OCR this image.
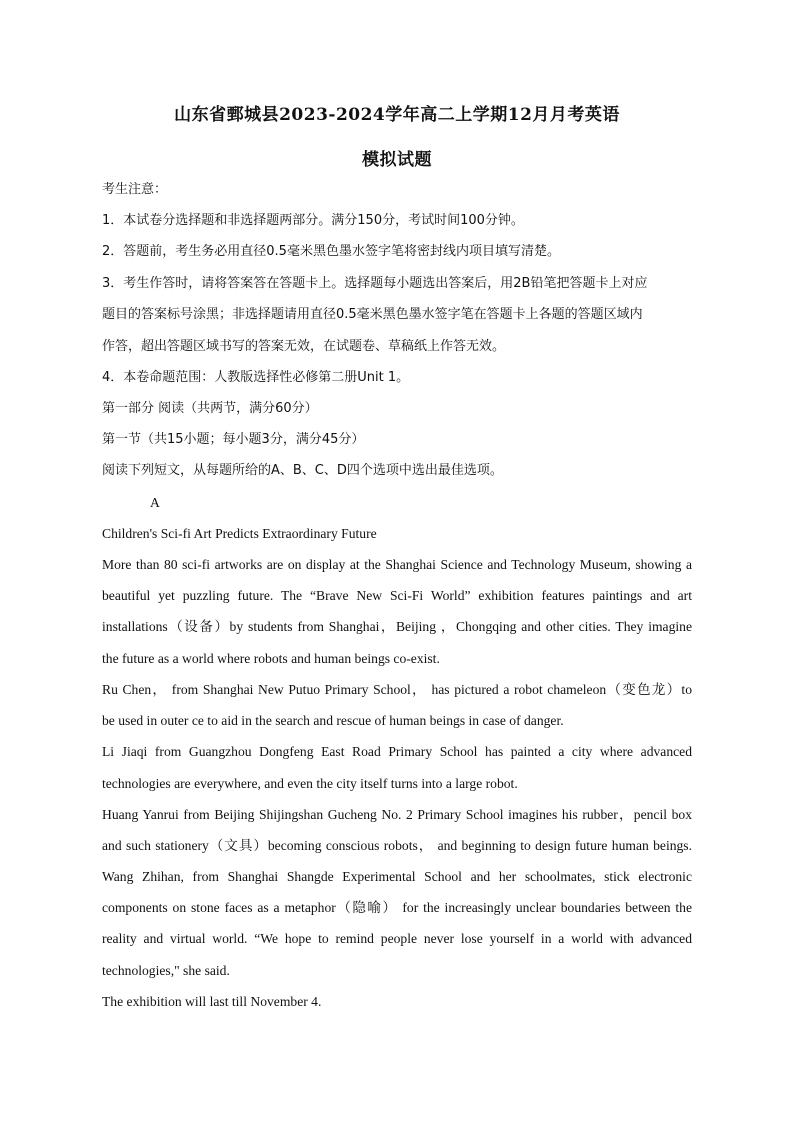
山东省鄄城县2023-2024学年高二上学期12月月考英语
模拟试题
考生注意：
1．本试卷分选择题和非选择题两部分。满分150分，考试时间100分钟。
2．答题前，考生务必用直径0.5毫米黑色墨水签字笔将密封线内项目填写清楚。
3．考生作答时，请将答案答在答题卡上。选择题每小题选出答案后，用2B铅笔把答题卡上对应
题目的答案标号涂黑；非选择题请用直径0.5毫米黑色墨水签字笔在答题卡上各题的答题区域内
作答，超出答题区域书写的答案无效，在试题卷、草稿纸上作答无效。
4．本卷命题范围：人教版选择性必修第二册Unit 1。
第一部分 阅读（共两节，满分60分）
第一节（共15小题；每小题3分，满分45分）
阅读下列短文，从每题所给的A、B、C、D四个选项中选出最佳选项。
A
Children's Sci-fi Art Predicts Extraordinary Future
More than 80 sci-fi artworks are on display at the Shanghai Science and Technology Museum, showing a
beautiful yet puzzling future. The “Brave New Sci-Fi World” exhibition features paintings and art
installations（设备）by students from Shanghai，Beijing ，Chongqing and other cities. They imagine
the future as a world where robots and human beings co-exist.
Ru Chen， from Shanghai New Putuo Primary School， has pictured a robot chameleon（变色龙）to
be used in outer ce to aid in the search and rescue of human beings in case of danger.
Li Jiaqi from Guangzhou Dongfeng East Road Primary School has painted a city where advanced
technologies are everywhere, and even the city itself turns into a large robot.
Huang Yanrui from Beijing Shijingshan Gucheng No. 2 Primary School imagines his rubber，pencil box
and such stationery（文具）becoming conscious robots， and beginning to design future human beings.
Wang Zhihan, from Shanghai Shangde Experimental School and her schoolmates, stick electronic
components on stone faces as a metaphor（隐喻） for the increasingly unclear boundaries between the
reality and virtual world. “We hope to remind people never lose yourself in a world with advanced
technologies," she said.
The exhibition will last till November 4.
